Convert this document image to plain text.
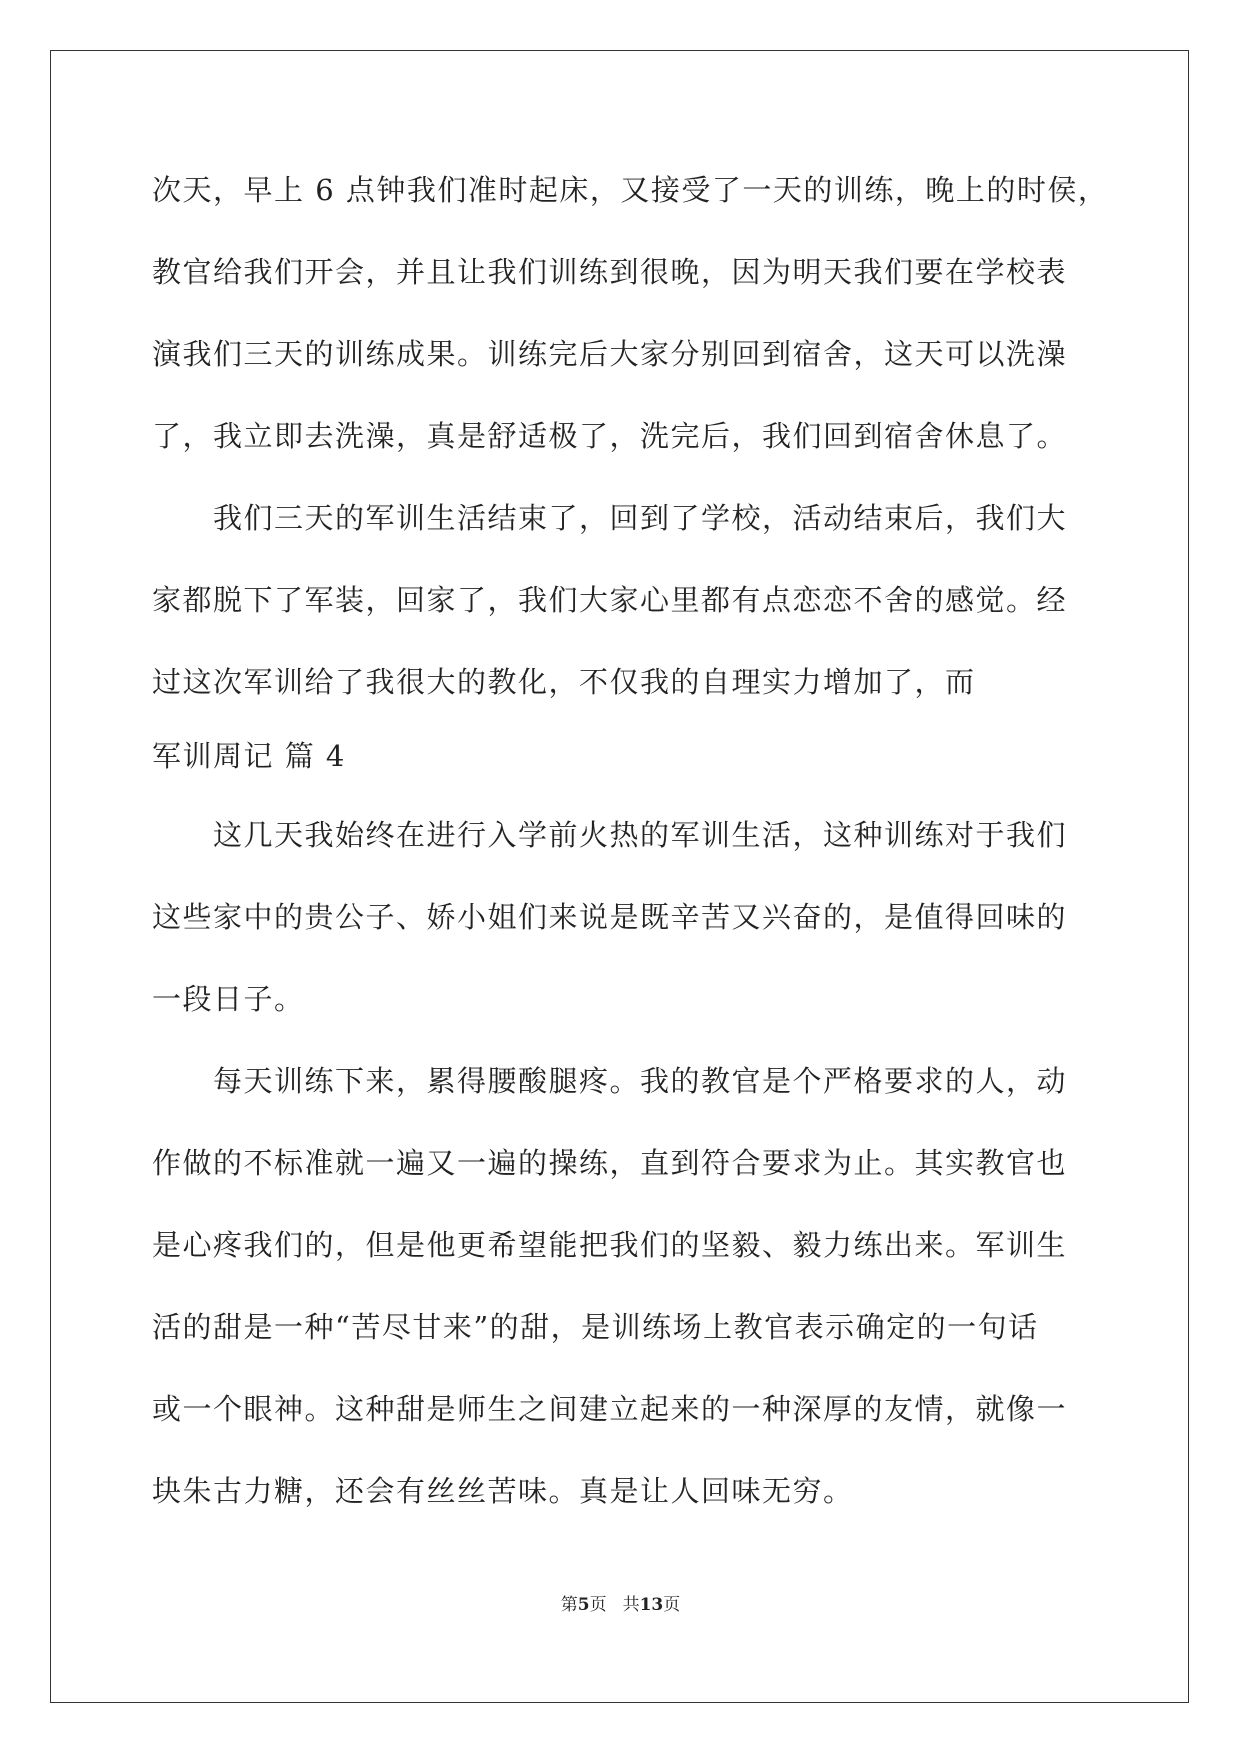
次天，早上 6 点钟我们准时起床，又接受了一天的训练，晚上的时侯，
教官给我们开会，并且让我们训练到很晚，因为明天我们要在学校表
演我们三天的训练成果。训练完后大家分别回到宿舍，这天可以洗澡
了，我立即去洗澡，真是舒适极了，洗完后，我们回到宿舍休息了。
　　我们三天的军训生活结束了，回到了学校，活动结束后，我们大
家都脱下了军装，回家了，我们大家心里都有点恋恋不舍的感觉。经
过这次军训给了我很大的教化，不仅我的自理实力增加了，而
军训周记 篇 4
　　这几天我始终在进行入学前火热的军训生活，这种训练对于我们
这些家中的贵公子、娇小姐们来说是既辛苦又兴奋的，是值得回味的
一段日子。
　　每天训练下来，累得腰酸腿疼。我的教官是个严格要求的人，动
作做的不标准就一遍又一遍的操练，直到符合要求为止。其实教官也
是心疼我们的，但是他更希望能把我们的坚毅、毅力练出来。军训生
活的甜是一种“苦尽甘来”的甜，是训练场上教官表示确定的一句话
或一个眼神。这种甜是师生之间建立起来的一种深厚的友情，就像一
块朱古力糖，还会有丝丝苦味。真是让人回味无穷。
第5页 共13页
